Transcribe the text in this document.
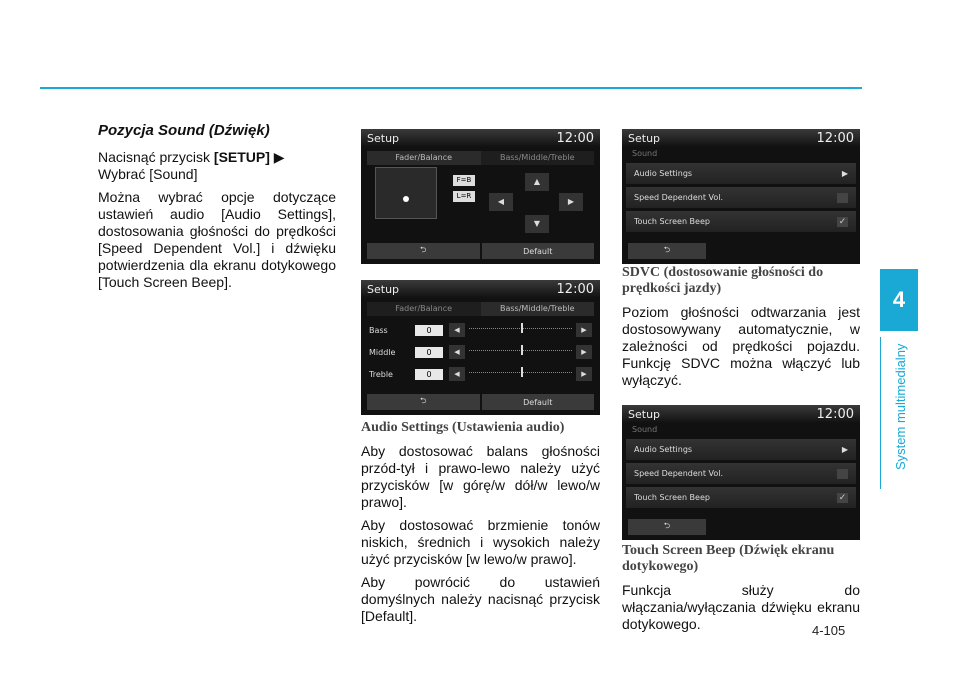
4
System multimedialny
Pozycja Sound (Dźwięk)

Nacisnąć przycisk [SETUP] ▶

Wybrać [Sound]

Można wybrać opcje dotyczące ustawień audio [Audio Settings], dostosowania głośności do prędkości [Speed Dependent Vol.] i dźwięku potwierdzenia dla ekranu dotykowego [Touch Screen Beep].

Setup	12:00
Fader/Balance	Bass/Middle/Treble
F=B
L=R
▲
◀	▶
▼
⮌	Default
Setup	12:00
Fader/Balance	Bass/Middle/Treble
Bass	0	◀	▶
Middle	0	◀	▶
Treble	0	◀	▶
⮌	Default
Audio Settings (Ustawienia audio)

Aby dostosować balans głośności przód-tył i prawo-lewo należy użyć przycisków [w górę/w dół/w lewo/w prawo].

Aby dostosować brzmienie tonów niskich, średnich i wysokich należy użyć przycisków [w lewo/w prawo].

Aby powrócić do ustawień domyślnych należy nacisnąć przycisk [Default].

Setup	12:00
Sound
Audio Settings	▶
Speed Dependent Vol.
Touch Screen Beep	✓
⮌
SDVC (dostosowanie głośności do prędkości jazdy)

Poziom głośności odtwarzania jest dostosowywany automatycznie, w zależności od prędkości pojazdu. Funkcję SDVC można włączyć lub wyłączyć.

Setup	12:00
Sound
Audio Settings	▶
Speed Dependent Vol.
Touch Screen Beep	✓
⮌
Touch Screen Beep (Dźwięk ekranu dotykowego)

Funkcja służy do włączania/wyłączania dźwięku ekranu dotykowego.	4-105
